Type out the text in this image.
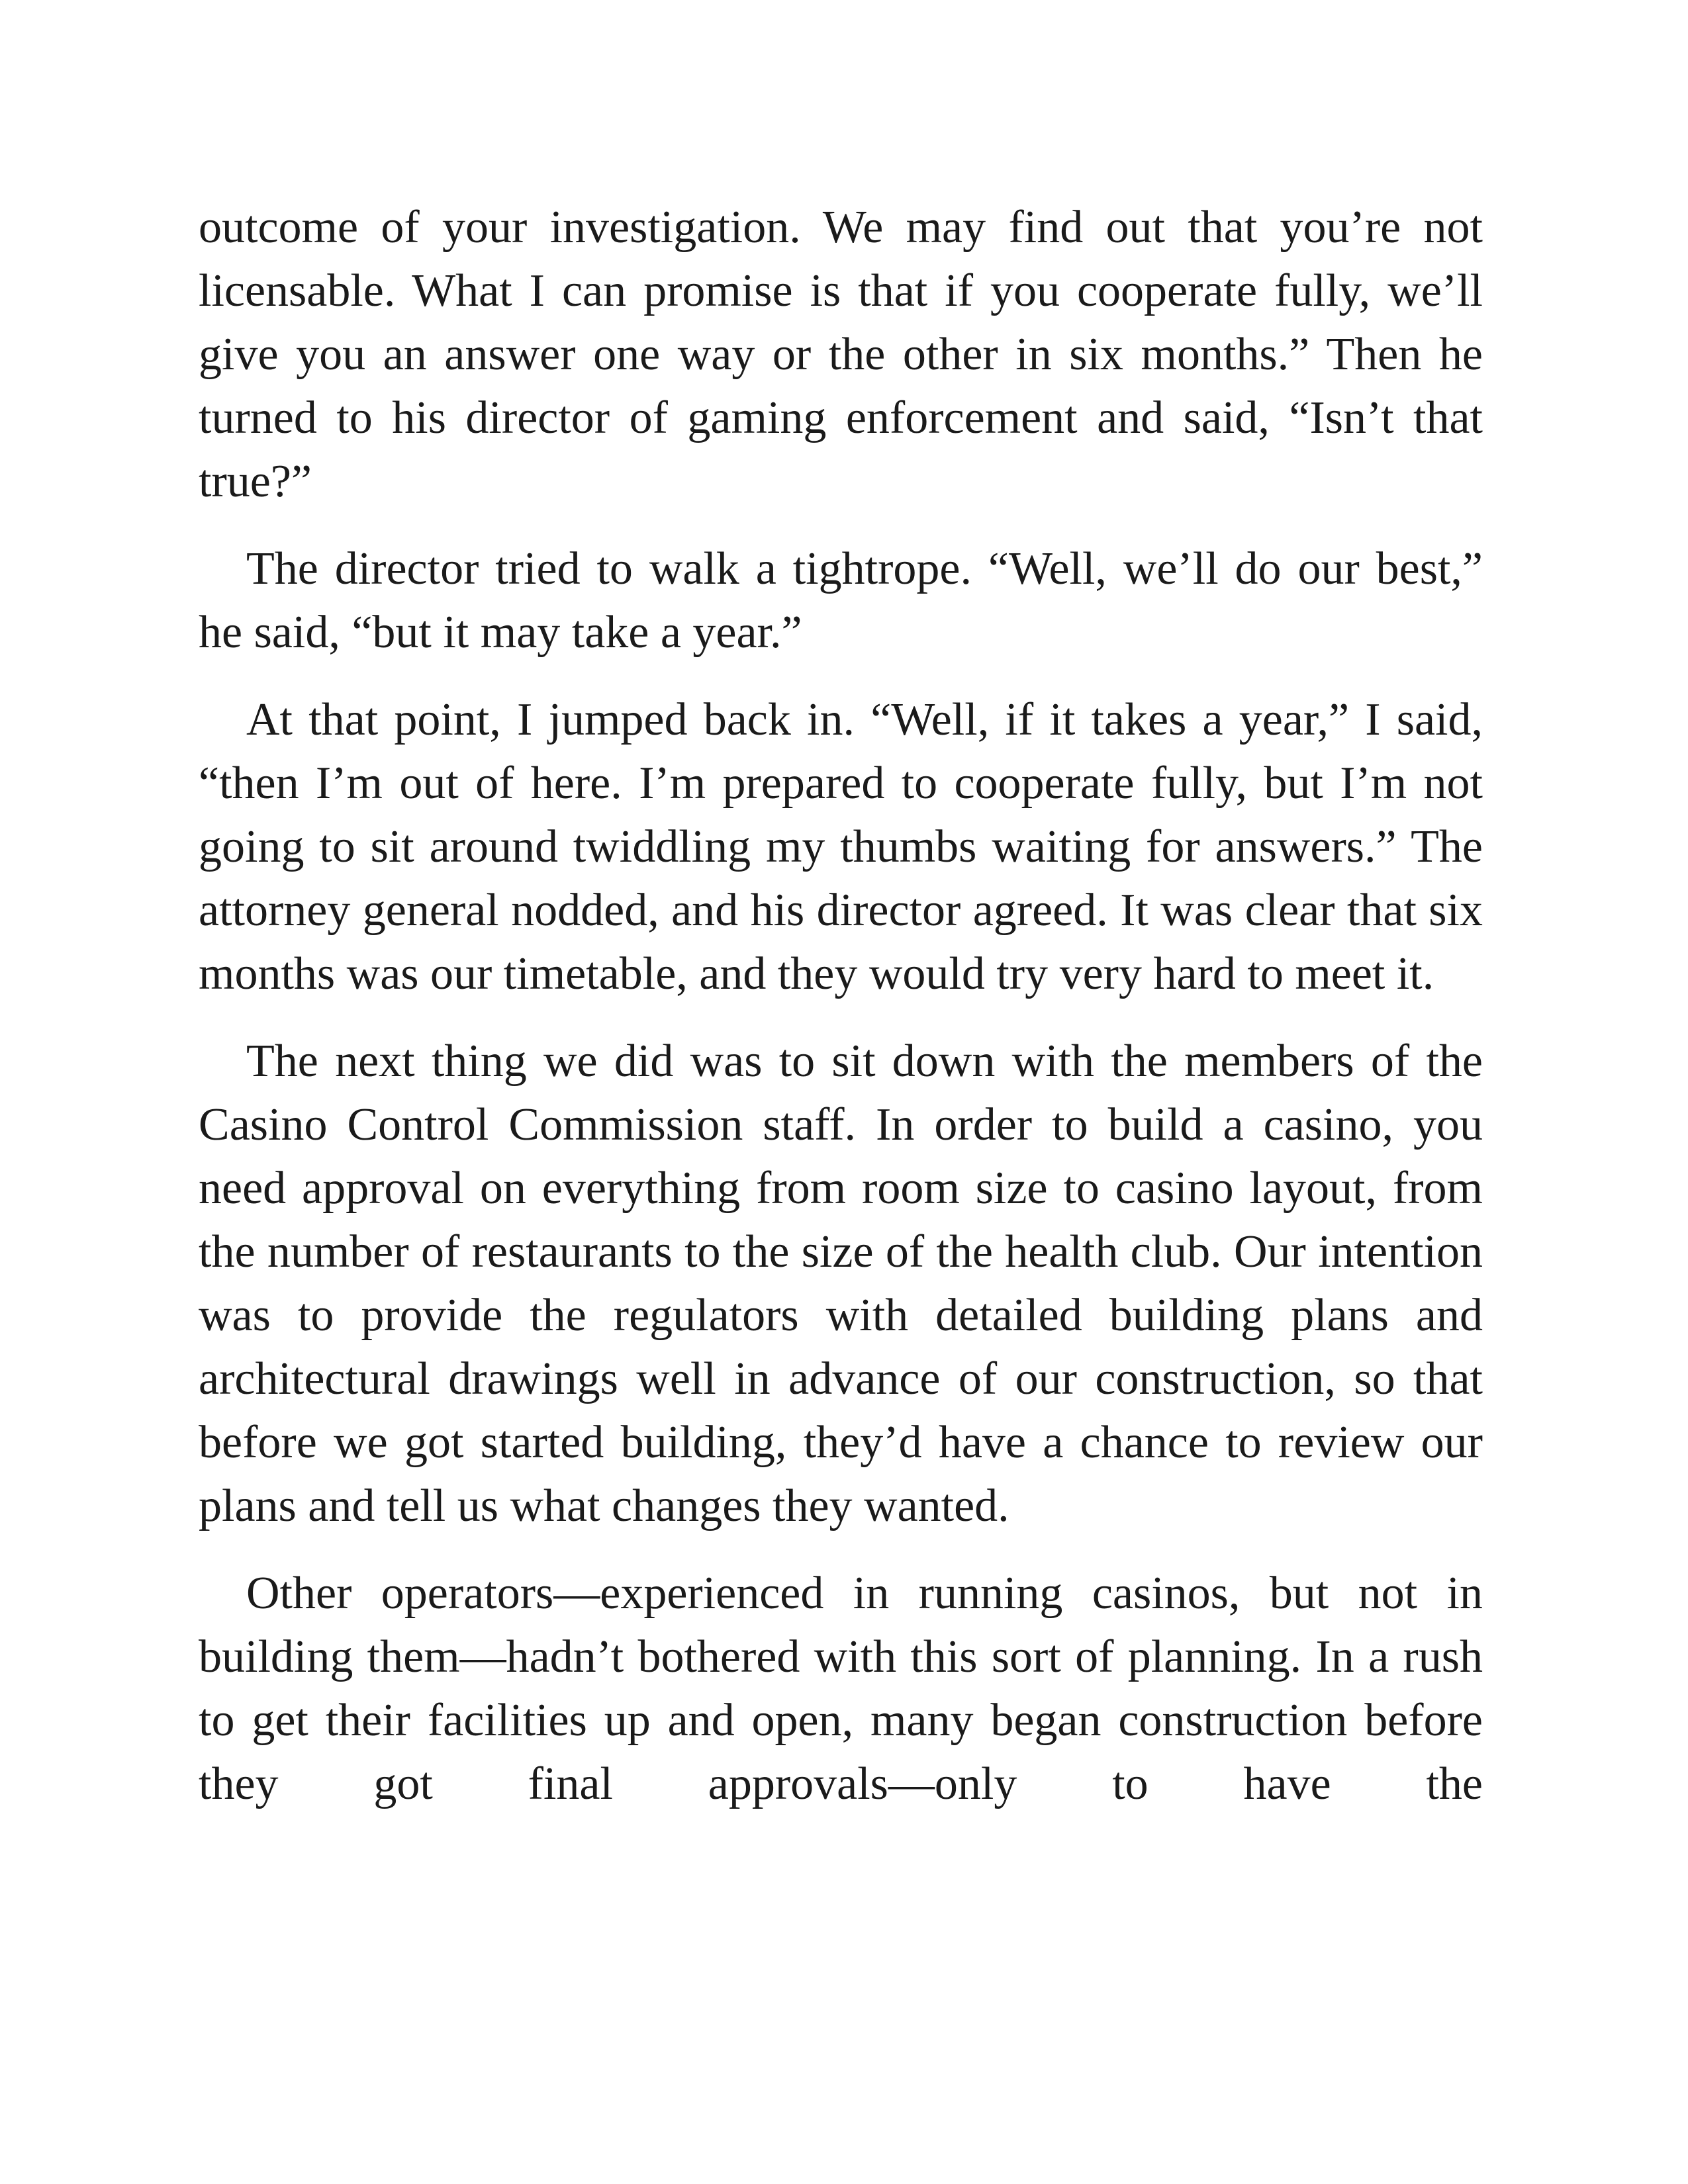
outcome of your investigation. We may find out that you’re not licensable. What I can promise is that if you cooperate fully, we’ll give you an answer one way or the other in six months.” Then he turned to his director of gaming enforcement and said, “Isn’t that true?”

The director tried to walk a tightrope. “Well, we’ll do our best,” he said, “but it may take a year.”

At that point, I jumped back in. “Well, if it takes a year,” I said, “then I’m out of here. I’m prepared to cooperate fully, but I’m not going to sit around twiddling my thumbs waiting for answers.” The attorney general nodded, and his director agreed. It was clear that six months was our timetable, and they would try very hard to meet it.

The next thing we did was to sit down with the members of the Casino Control Commission staff. In order to build a casino, you need approval on everything from room size to casino layout, from the number of restaurants to the size of the health club. Our intention was to provide the regulators with detailed building plans and architectural drawings well in advance of our construction, so that before we got started building, they’d have a chance to review our plans and tell us what changes they wanted.

Other operators—experienced in running casinos, but not in building them—hadn’t bothered with this sort of planning. In a rush to get their facilities up and open, many began construction before they got final approvals—only to have the
